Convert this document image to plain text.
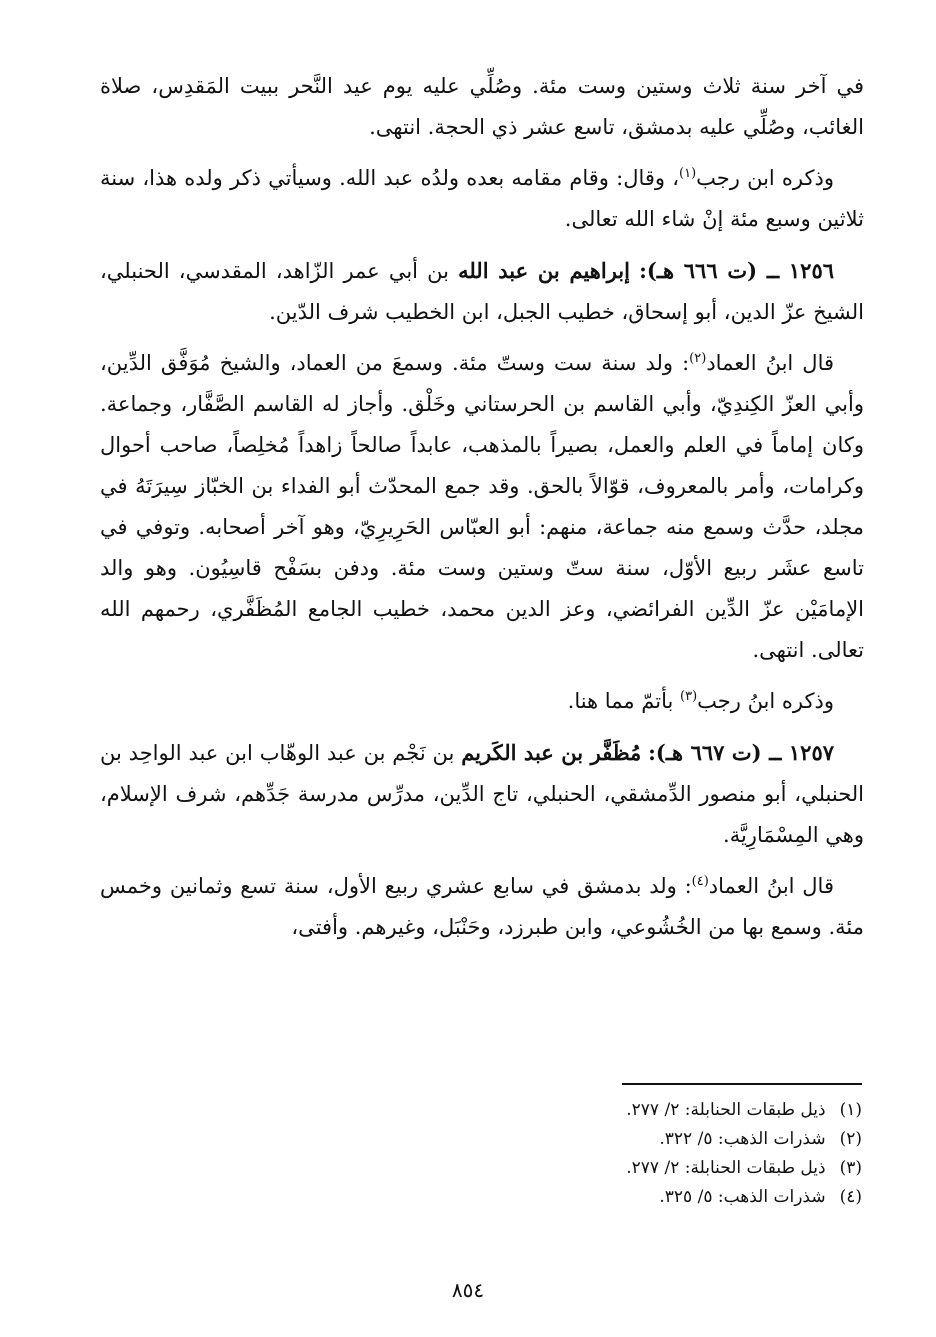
في آخر سنة ثلاث وستين وست مئة. وصُلِّي عليه يوم عيد النَّحر ببيت المَقدِس، صلاة الغائب، وصُلِّي عليه بدمشق، تاسع عشر ذي الحجة. انتهى.

وذكره ابن رجب$^{(١)}$، وقال: وقام مقامه بعده ولدُه عبد الله. وسيأتي ذكر ولده هذا، سنة ثلاثين وسبع مئة إنْ شاء الله تعالى.

١٢٥٦ ــ (ت ٦٦٦ هـ): إبراهيم بن عبد الله بن أبي عمر الزّاهد، المقدسي، الحنبلي، الشيخ عزّ الدين، أبو إسحاق، خطيب الجبل، ابن الخطيب شرف الدّين.

قال ابنُ العماد$^{(٢)}$: ولد سنة ست وستّ مئة. وسمعَ من العماد، والشيخ مُوَفَّق الدِّين، وأبي العزّ الكِندِيّ، وأبي القاسم بن الحرستاني وخَلْق. وأجاز له القاسم الصَّفَّار، وجماعة. وكان إماماً في العلم والعمل، بصيراً بالمذهب، عابداً صالحاً زاهداً مُخلِصاً، صاحب أحوال وكرامات، وأمر بالمعروف، قوّالاً بالحق. وقد جمع المحدّث أبو الفداء بن الخبّاز سِيرَتَهُ في مجلد، حدَّث وسمع منه جماعة، منهم: أبو العبّاس الحَرِيرِيّ، وهو آخر أصحابه. وتوفي في تاسع عشَر ربيع الأوّل، سنة ستّ وستين وست مئة. ودفن بسَفْح قاسِيُون. وهو والد الإمامَيْن عزّ الدِّين الفرائضي، وعز الدين محمد، خطيب الجامع المُظَفَّري، رحمهم الله تعالى. انتهى.

وذكره ابنُ رجب$^{(٣)}$ بأتمّ مما هنا.

١٢٥٧ ــ (ت ٦٦٧ هـ): مُظَفَّر بن عبد الكَريم بن نَجْم بن عبد الوهّاب ابن عبد الواحِد بن الحنبلي، أبو منصور الدِّمشقي، الحنبلي، تاج الدِّين، مدرِّس مدرسة جَدِّهم، شرف الإسلام، وهي المِسْمَارِيَّة.

قال ابنُ العماد$^{(٤)}$: ولد بدمشق في سابع عشري ربيع الأول، سنة تسع وثمانين وخمس مئة. وسمع بها من الخُشُوعي، وابن طبرزد، وحَنْبَل، وغيرهم. وأفتى،

(١)
ذيل طبقات الحنابلة: ٢/ ٢٧٧.
(٢)
شذرات الذهب: ٥/ ٣٢٢.
(٣)
ذيل طبقات الحنابلة: ٢/ ٢٧٧.
(٤)
شذرات الذهب: ٥/ ٣٢٥.
٨٥٤
